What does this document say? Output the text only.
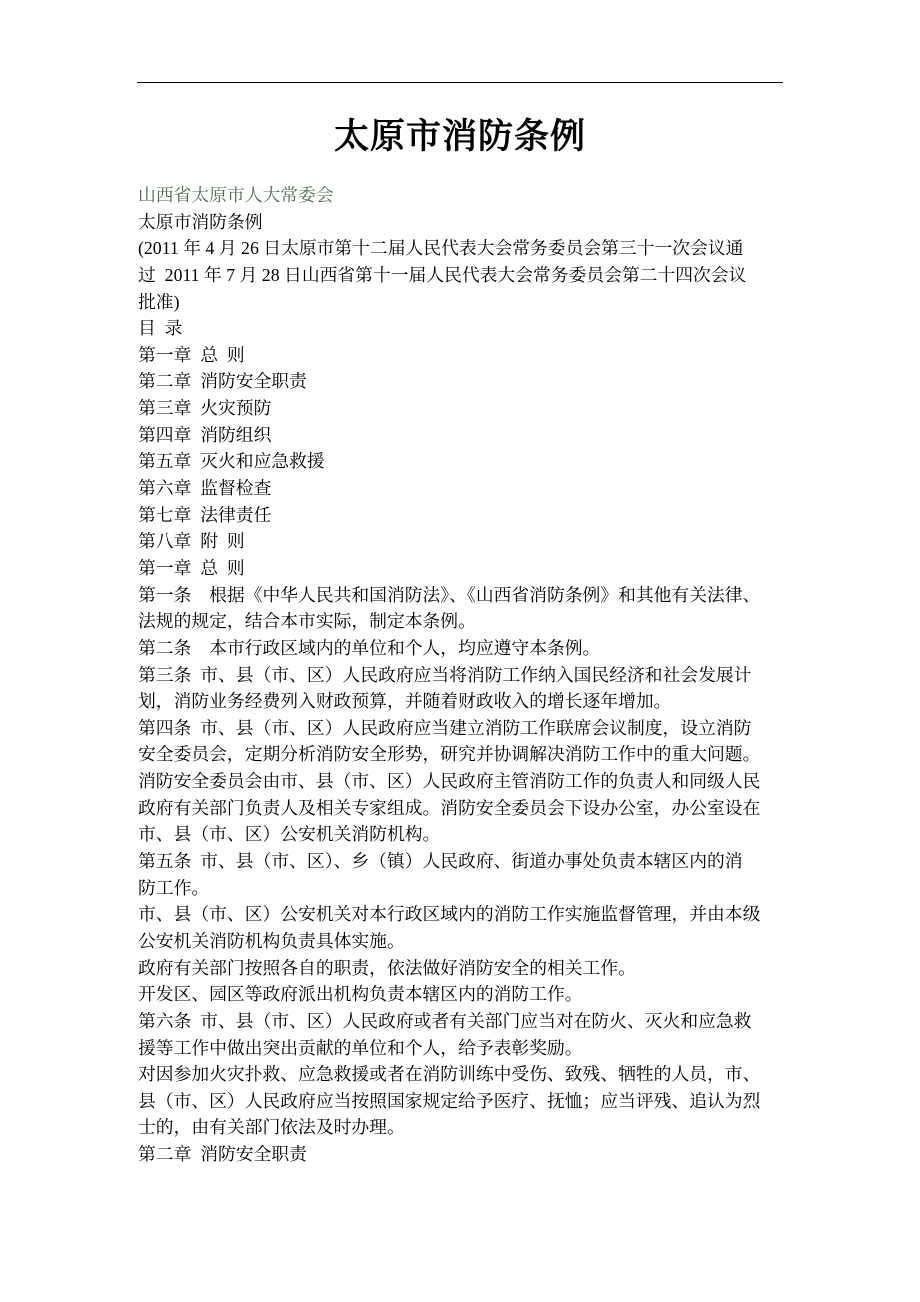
太原市消防条例
山西省太原市人大常委会
太原市消防条例
(2011 年 4 月 26 日太原市第十二届人民代表大会常务委员会第三十一次会议通
过  2011 年 7 月 28 日山西省第十一届人民代表大会常务委员会第二十四次会议
批准)
目  录
第一章  总  则
第二章  消防安全职责
第三章  火灾预防
第四章  消防组织
第五章  灭火和应急救援
第六章  监督检查
第七章  法律责任
第八章  附  则
第一章  总  则
第一条    根据《中华人民共和国消防法》、《山西省消防条例》和其他有关法律、
法规的规定，结合本市实际，制定本条例。
第二条    本市行政区域内的单位和个人，均应遵守本条例。
第三条  市、县（市、区）人民政府应当将消防工作纳入国民经济和社会发展计
划，消防业务经费列入财政预算，并随着财政收入的增长逐年增加。
第四条  市、县（市、区）人民政府应当建立消防工作联席会议制度，设立消防
安全委员会，定期分析消防安全形势，研究并协调解决消防工作中的重大问题。
消防安全委员会由市、县（市、区）人民政府主管消防工作的负责人和同级人民
政府有关部门负责人及相关专家组成。消防安全委员会下设办公室，办公室设在
市、县（市、区）公安机关消防机构。
第五条  市、县（市、区）、乡（镇）人民政府、街道办事处负责本辖区内的消
防工作。
市、县（市、区）公安机关对本行政区域内的消防工作实施监督管理，并由本级
公安机关消防机构负责具体实施。
政府有关部门按照各自的职责，依法做好消防安全的相关工作。
开发区、园区等政府派出机构负责本辖区内的消防工作。
第六条  市、县（市、区）人民政府或者有关部门应当对在防火、灭火和应急救
援等工作中做出突出贡献的单位和个人，给予表彰奖励。
对因参加火灾扑救、应急救援或者在消防训练中受伤、致残、牺牲的人员，市、
县（市、区）人民政府应当按照国家规定给予医疗、抚恤；应当评残、追认为烈
士的，由有关部门依法及时办理。
第二章  消防安全职责
